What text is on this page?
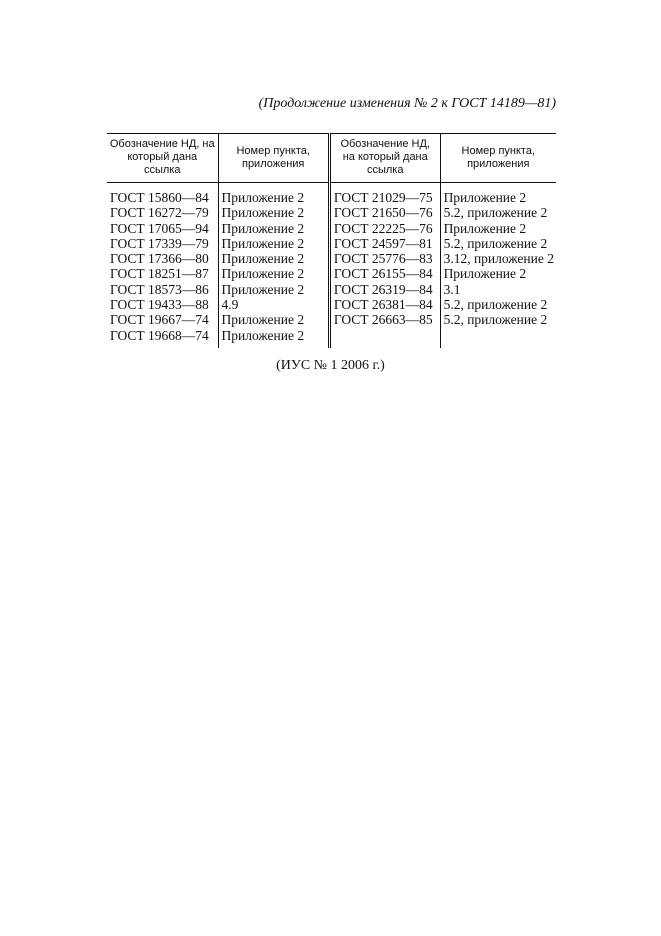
(Продолжение изменения № 2 к ГОСТ 14189—81)
Обозначение НД, на который дана ссылка	Номер пункта, приложения	Обозначение НД, на который дана ссылка	Номер пункта, приложения
ГОСТ 15860—84	Приложение 2	ГОСТ 21029—75	Приложение 2
ГОСТ 16272—79	Приложение 2	ГОСТ 21650—76	5.2, приложение 2
ГОСТ 17065—94	Приложение 2	ГОСТ 22225—76	Приложение 2
ГОСТ 17339—79	Приложение 2	ГОСТ 24597—81	5.2, приложение 2
ГОСТ 17366—80	Приложение 2	ГОСТ 25776—83	3.12, приложение 2
ГОСТ 18251—87	Приложение 2	ГОСТ 26155—84	Приложение 2
ГОСТ 18573—86	Приложение 2	ГОСТ 26319—84	3.1
ГОСТ 19433—88	4.9	ГОСТ 26381—84	5.2, приложение 2
ГОСТ 19667—74	Приложение 2	ГОСТ 26663—85	5.2, приложение 2
ГОСТ 19668—74	Приложение 2		
(ИУС № 1 2006 г.)
